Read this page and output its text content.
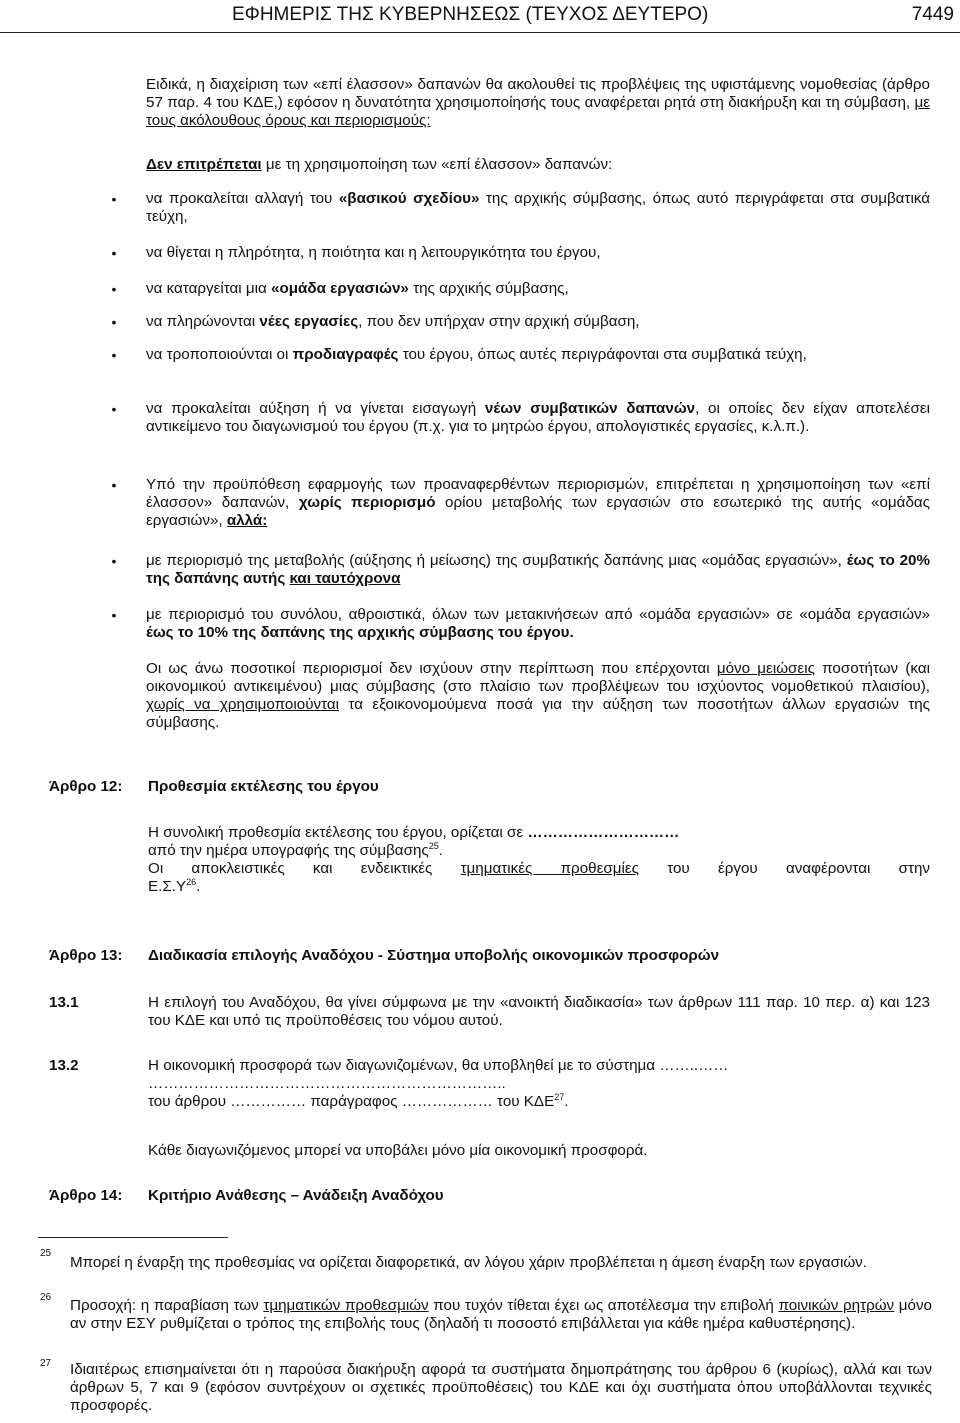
ΕΦΗΜΕΡΙΣ ΤΗΣ ΚΥΒΕΡΝΗΣΕΩΣ (ΤΕΥΧΟΣ ΔΕΥΤΕΡΟ)	7449
Ειδικά, η διαχείριση των «επί έλασσον» δαπανών θα ακολουθεί τις προβλέψεις της υφιστάμενης νομοθεσίας (άρθρο 57 παρ. 4 του ΚΔΕ,) εφόσον η δυνατότητα χρησιμοποίησής τους αναφέρεται ρητά στη διακήρυξη και τη σύμβαση, με τους ακόλουθους όρους και περιορισμούς:
Δεν επιτρέπεται με τη χρησιμοποίηση των «επί έλασσον» δαπανών:
• να προκαλείται αλλαγή του «βασικού σχεδίου» της αρχικής σύμβασης, όπως αυτό περιγράφεται στα συμβατικά τεύχη,
• να θίγεται η πληρότητα, η ποιότητα και η λειτουργικότητα του έργου,
• να καταργείται μια «ομάδα εργασιών» της αρχικής σύμβασης,
• να πληρώνονται νέες εργασίες, που δεν υπήρχαν στην αρχική σύμβαση,
• να τροποποιούνται οι προδιαγραφές του έργου, όπως αυτές περιγράφονται στα συμβατικά τεύχη,
• να προκαλείται αύξηση ή να γίνεται εισαγωγή νέων συμβατικών δαπανών, οι οποίες δεν είχαν αποτελέσει αντικείμενο του διαγωνισμού του έργου (π.χ. για το μητρώο έργου, απολογιστικές εργασίες, κ.λ.π.).
• Υπό την προϋπόθεση εφαρμογής των προαναφερθέντων περιορισμών, επιτρέπεται η χρησιμοποίηση των «επί έλασσον» δαπανών, χωρίς περιορισμό ορίου μεταβολής των εργασιών στο εσωτερικό της αυτής «ομάδας εργασιών», αλλά:
• με περιορισμό της μεταβολής (αύξησης ή μείωσης) της συμβατικής δαπάνης μιας «ομάδας εργασιών», έως το 20% της δαπάνης αυτής και ταυτόχρονα
• με περιορισμό του συνόλου, αθροιστικά, όλων των μετακινήσεων από «ομάδα εργασιών» σε «ομάδα εργασιών» έως το 10% της δαπάνης της αρχικής σύμβασης του έργου.
Οι ως άνω ποσοτικοί περιορισμοί δεν ισχύουν στην περίπτωση που επέρχονται μόνο μειώσεις ποσοτήτων (και οικονομικού αντικειμένου) μιας σύμβασης (στο πλαίσιο των προβλέψεων του ισχύοντος νομοθετικού πλαισίου), χωρίς να χρησιμοποιούνται τα εξοικονομούμενα ποσά για την αύξηση των ποσοτήτων άλλων εργασιών της σύμβασης.
Άρθρο 12: Προθεσμία εκτέλεσης του έργου

Η συνολική προθεσμία εκτέλεσης του έργου, ορίζεται σε …………………………

από την ημέρα υπογραφής της σύμβασης$^{25}$.

Οι αποκλειστικές και ενδεικτικές τμηματικές προθεσμίες του έργου αναφέρονται στην

$E.\Sigma.\Upsilon^{26}$.

Άρθρο 13: Διαδικασία επιλογής Αναδόχου - Σύστημα υποβολής οικονομικών προσφορών
13.1	Η επιλογή του Αναδόχου, θα γίνει σύμφωνα με την «ανοικτή διαδικασία» των άρθρων 111 παρ. 10 περ. α) και 123 του ΚΔΕ και υπό τις προϋποθέσεις του νόμου αυτού.
13.2	Η οικονομική προσφορά των διαγωνιζομένων, θα υποβληθεί με το σύστημα ……..……

……………………………………………………………..

του άρθρου …………… παράγραφος ……………… του ΚΔΕ$^{27}$.

Κάθε διαγωνιζόμενος μπορεί να υποβάλει μόνο μία οικονομική προσφορά.
Άρθρο 14: Κριτήριο Ανάθεσης – Ανάδειξη Αναδόχου
25
Μπορεί η έναρξη της προθεσμίας να ορίζεται διαφορετικά, αν λόγου χάριν προβλέπεται η άμεση έναρξη των εργασιών.
26 Προσοχή: η παραβίαση των τμηματικών προθεσμιών που τυχόν τίθεται έχει ως αποτέλεσμα την επιβολή ποινικών ρητρών μόνο αν στην ΕΣΥ ρυθμίζεται ο τρόπος της επιβολής τους (δηλαδή τι ποσοστό επιβάλλεται για κάθε ημέρα καθυστέρησης).
27 Ιδιαιτέρως επισημαίνεται ότι η παρούσα διακήρυξη αφορά τα συστήματα δημοπράτησης του άρθρου 6 (κυρίως), αλλά και των άρθρων 5, 7 και 9 (εφόσον συντρέχουν οι σχετικές προϋποθέσεις) του ΚΔΕ και όχι συστήματα όπου υποβάλλονται τεχνικές προσφορές.
